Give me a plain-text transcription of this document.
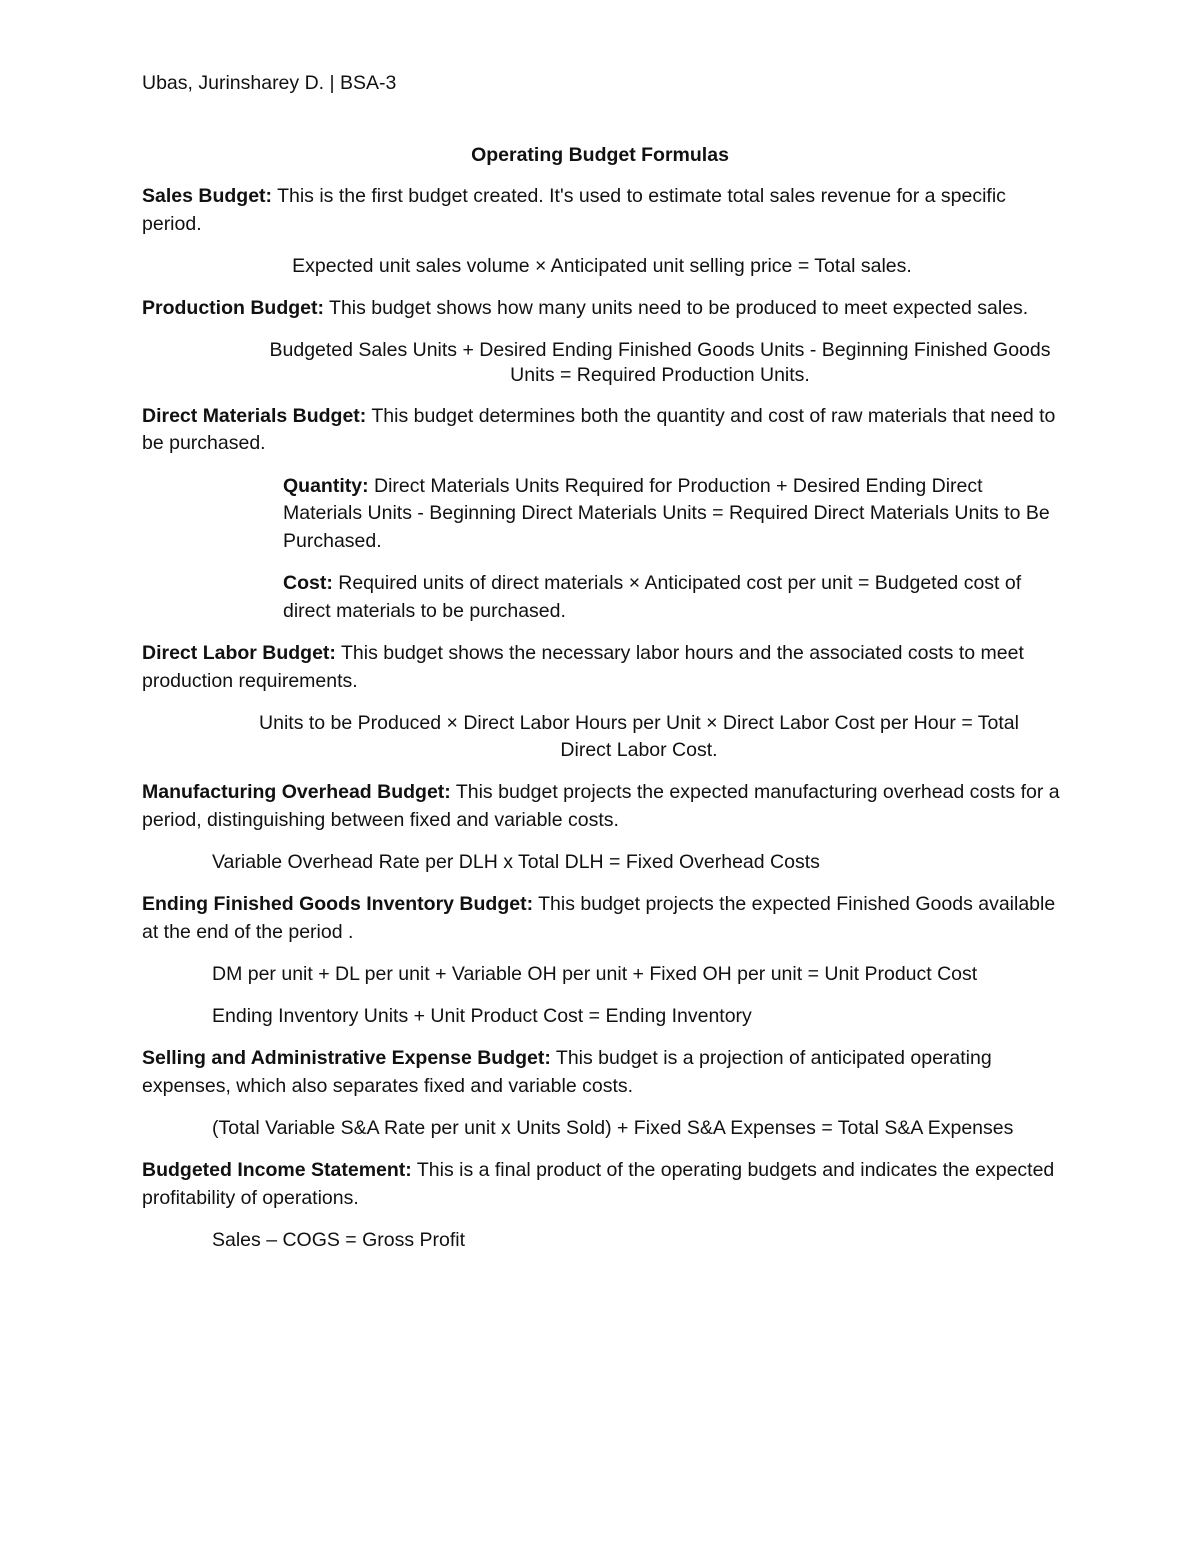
Ubas, Jurinsharey D. | BSA-3

Operating Budget Formulas

Sales Budget: This is the first budget created. It's used to estimate total sales revenue for a specific period.

Expected unit sales volume × Anticipated unit selling price = Total sales.

Production Budget: This budget shows how many units need to be produced to meet expected sales.

Budgeted Sales Units + Desired Ending Finished Goods Units - Beginning Finished Goods Units = Required Production Units.

Direct Materials Budget: This budget determines both the quantity and cost of raw materials that need to be purchased.

Quantity: Direct Materials Units Required for Production + Desired Ending Direct Materials Units - Beginning Direct Materials Units = Required Direct Materials Units to Be Purchased.

Cost: Required units of direct materials × Anticipated cost per unit = Budgeted cost of direct materials to be purchased.

Direct Labor Budget: This budget shows the necessary labor hours and the associated costs to meet production requirements.

Units to be Produced × Direct Labor Hours per Unit × Direct Labor Cost per Hour = Total Direct Labor Cost.

Manufacturing Overhead Budget: This budget projects the expected manufacturing overhead costs for a period, distinguishing between fixed and variable costs.

Variable Overhead Rate per DLH x Total DLH = Fixed Overhead Costs

Ending Finished Goods Inventory Budget: This budget projects the expected Finished Goods available at the end of the period .

DM per unit + DL per unit + Variable OH per unit + Fixed OH per unit = Unit Product Cost

Ending Inventory Units + Unit Product Cost = Ending Inventory

Selling and Administrative Expense Budget: This budget is a projection of anticipated operating expenses, which also separates fixed and variable costs.

(Total Variable S&A Rate per unit x Units Sold) + Fixed S&A Expenses = Total S&A Expenses

Budgeted Income Statement: This is a final product of the operating budgets and indicates the expected profitability of operations.

Sales – COGS = Gross Profit
